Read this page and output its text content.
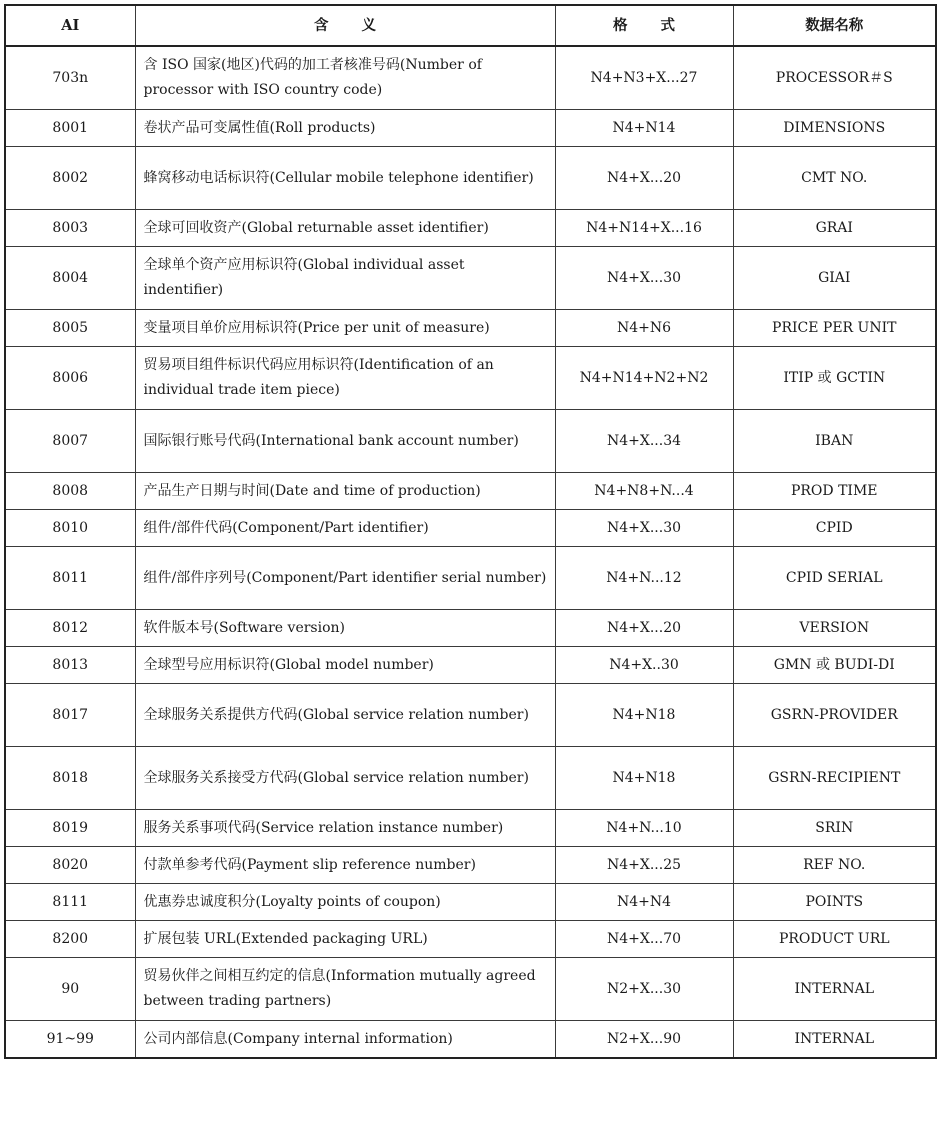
AI	含 义	格 式	数据名称
703n	含 ISO 国家(地区)代码的加工者核准号码(Number of processor with ISO country code)	N4+N3+X...27	PROCESSOR＃S
8001	卷状产品可变属性值(Roll products)	N4+N14	DIMENSIONS
8002	蜂窝移动电话标识符(Cellular mobile telephone identifier)	N4+X...20	CMT NO.
8003	全球可回收资产(Global returnable asset identifier)	N4+N14+X...16	GRAI
8004	全球单个资产应用标识符(Global individual asset indentifier)	N4+X...30	GIAI
8005	变量项目单价应用标识符(Price per unit of measure)	N4+N6	PRICE PER UNIT
8006	贸易项目组件标识代码应用标识符(Identification of an individual trade item piece)	N4+N14+N2+N2	ITIP 或 GCTIN
8007	国际银行账号代码(International bank account number)	N4+X...34	IBAN
8008	产品生产日期与时间(Date and time of production)	N4+N8+N...4	PROD TIME
8010	组件/部件代码(Component/Part identifier)	N4+X...30	CPID
8011	组件/部件序列号(Component/Part identifier serial number)	N4+N...12	CPID SERIAL
8012	软件版本号(Software version)	N4+X...20	VERSION
8013	全球型号应用标识符(Global model number)	N4+X..30	GMN 或 BUDI-DI
8017	全球服务关系提供方代码(Global service relation number)	N4+N18	GSRN-PROVIDER
8018	全球服务关系接受方代码(Global service relation number)	N4+N18	GSRN-RECIPIENT
8019	服务关系事项代码(Service relation instance number)	N4+N...10	SRIN
8020	付款单参考代码(Payment slip reference number)	N4+X...25	REF NO.
8111	优惠券忠诚度积分(Loyalty points of coupon)	N4+N4	POINTS
8200	扩展包装 URL(Extended packaging URL)	N4+X...70	PRODUCT URL
90	贸易伙伴之间相互约定的信息(Information mutually agreed between trading partners)	N2+X...30	INTERNAL
91~99	公司内部信息(Company internal information)	N2+X...90	INTERNAL
